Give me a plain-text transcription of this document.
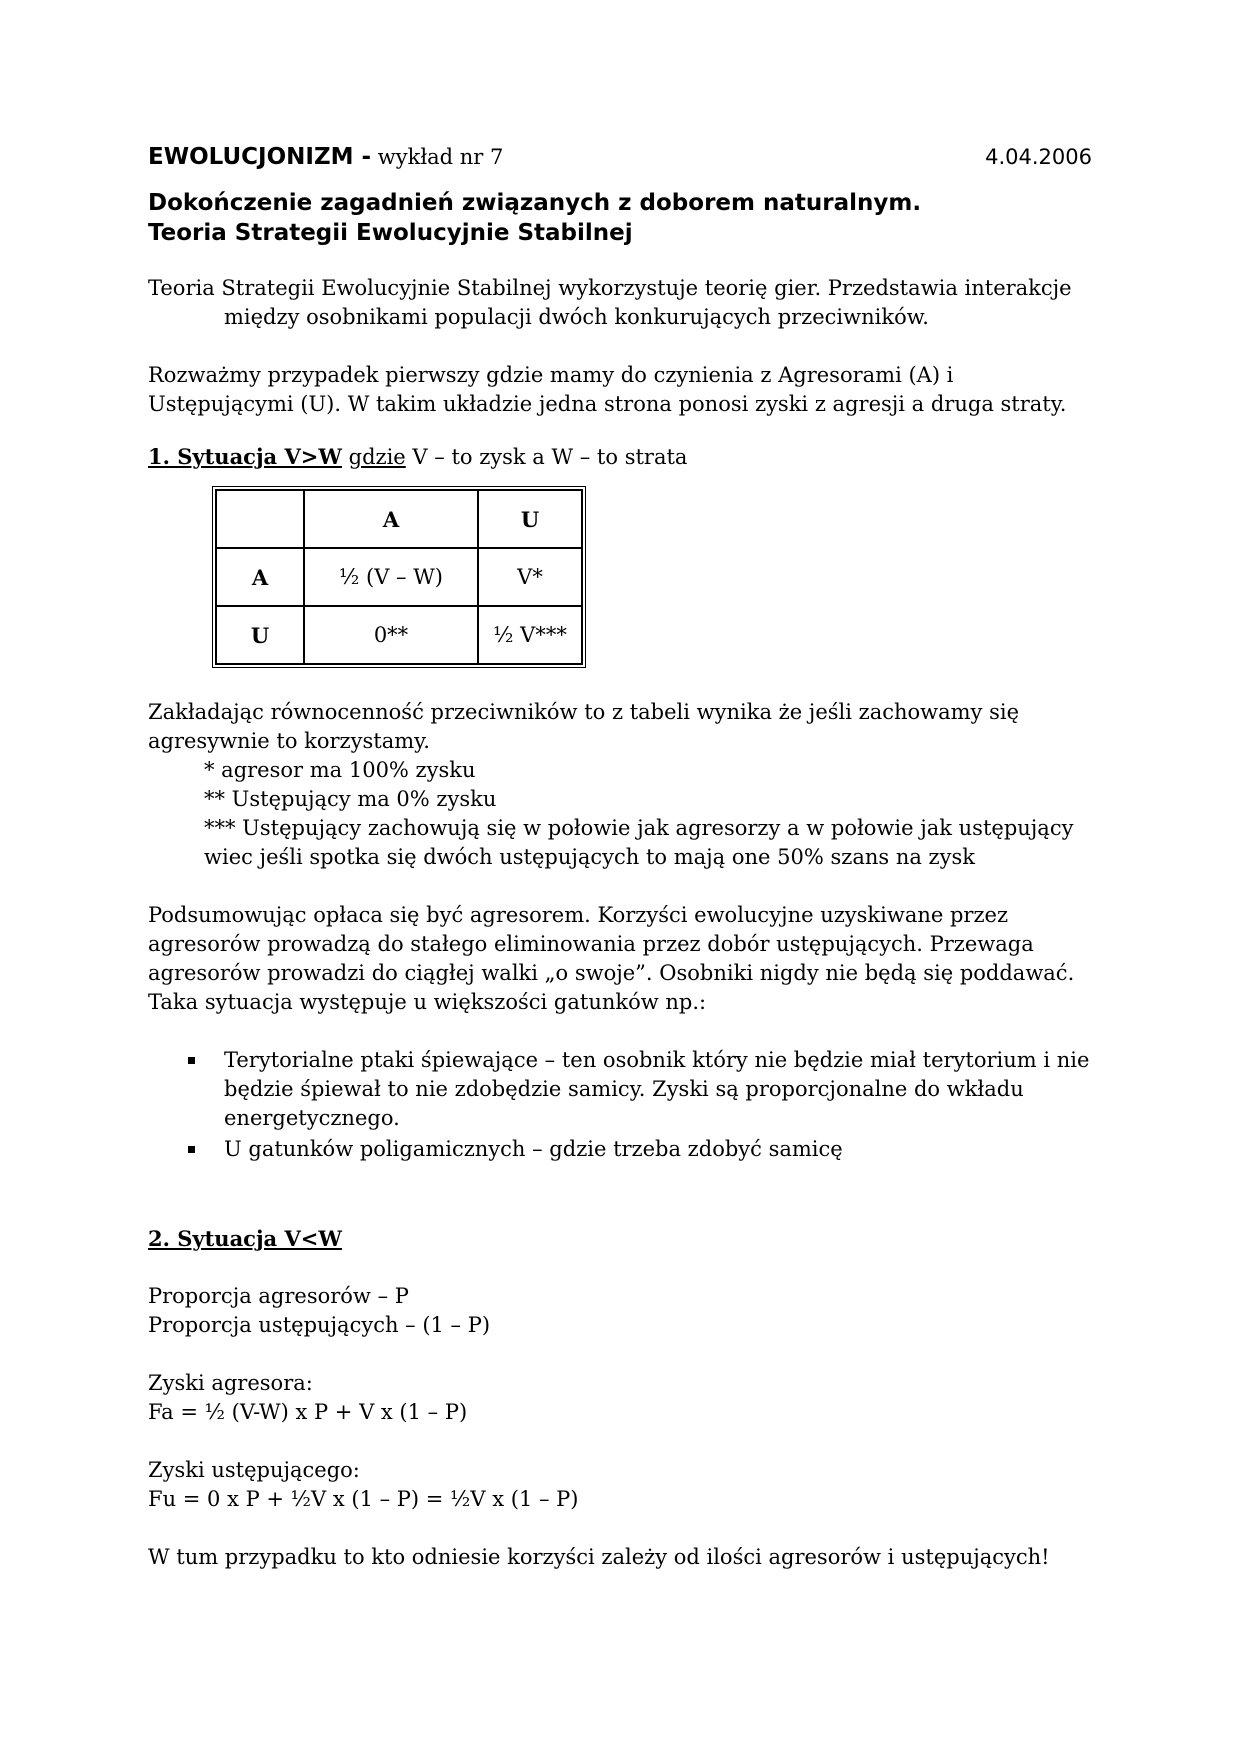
EWOLUCJONIZM - wykład nr 7	4.04.2006
Dokończenie zagadnień związanych z doborem naturalnym.
Teoria Strategii Ewolucyjnie Stabilnej

Teoria Strategii Ewolucyjnie Stabilnej wykorzystuje teorię gier. Przedstawia interakcje między osobnikami populacji dwóch konkurujących przeciwników.

Rozważmy przypadek pierwszy gdzie mamy do czynienia z Agresorami (A) i Ustępującymi (U). W takim układzie jedna strona ponosi zyski z agresji a druga straty.

1. Sytuacja V>W gdzie V – to zysk a W – to strata

	A	U
A	½ (V – W)	V*
U	0**	½ V***

Zakładając równocenność przeciwników to z tabeli wynika że jeśli zachowamy się agresywnie to korzystamy.

* agresor ma 100% zysku

** Ustępujący ma 0% zysku

*** Ustępujący zachowują się w połowie jak agresorzy a w połowie jak ustępujący wiec jeśli spotka się dwóch ustępujących to mają one 50% szans na zysk

Podsumowując opłaca się być agresorem. Korzyści ewolucyjne uzyskiwane przez agresorów prowadzą do stałego eliminowania przez dobór ustępujących. Przewaga agresorów prowadzi do ciągłej walki „o swoje”. Osobniki nigdy nie będą się poddawać. Taka sytuacja występuje u większości gatunków np.:

Terytorialne ptaki śpiewające – ten osobnik który nie będzie miał terytorium i nie będzie śpiewał to nie zdobędzie samicy. Zyski są proporcjonalne do wkładu energetycznego.
U gatunków poligamicznych – gdzie trzeba zdobyć samicę

2. Sytuacja V<W

Proporcja agresorów – P

Proporcja ustępujących – (1 – P)

Zyski agresora:

Fa = ½ (V-W) x P + V x (1 – P)

Zyski ustępującego:

Fu = 0 x P + ½V x (1 – P) = ½V x (1 – P)

W tum przypadku to kto odniesie korzyści zależy od ilości agresorów i ustępujących!
